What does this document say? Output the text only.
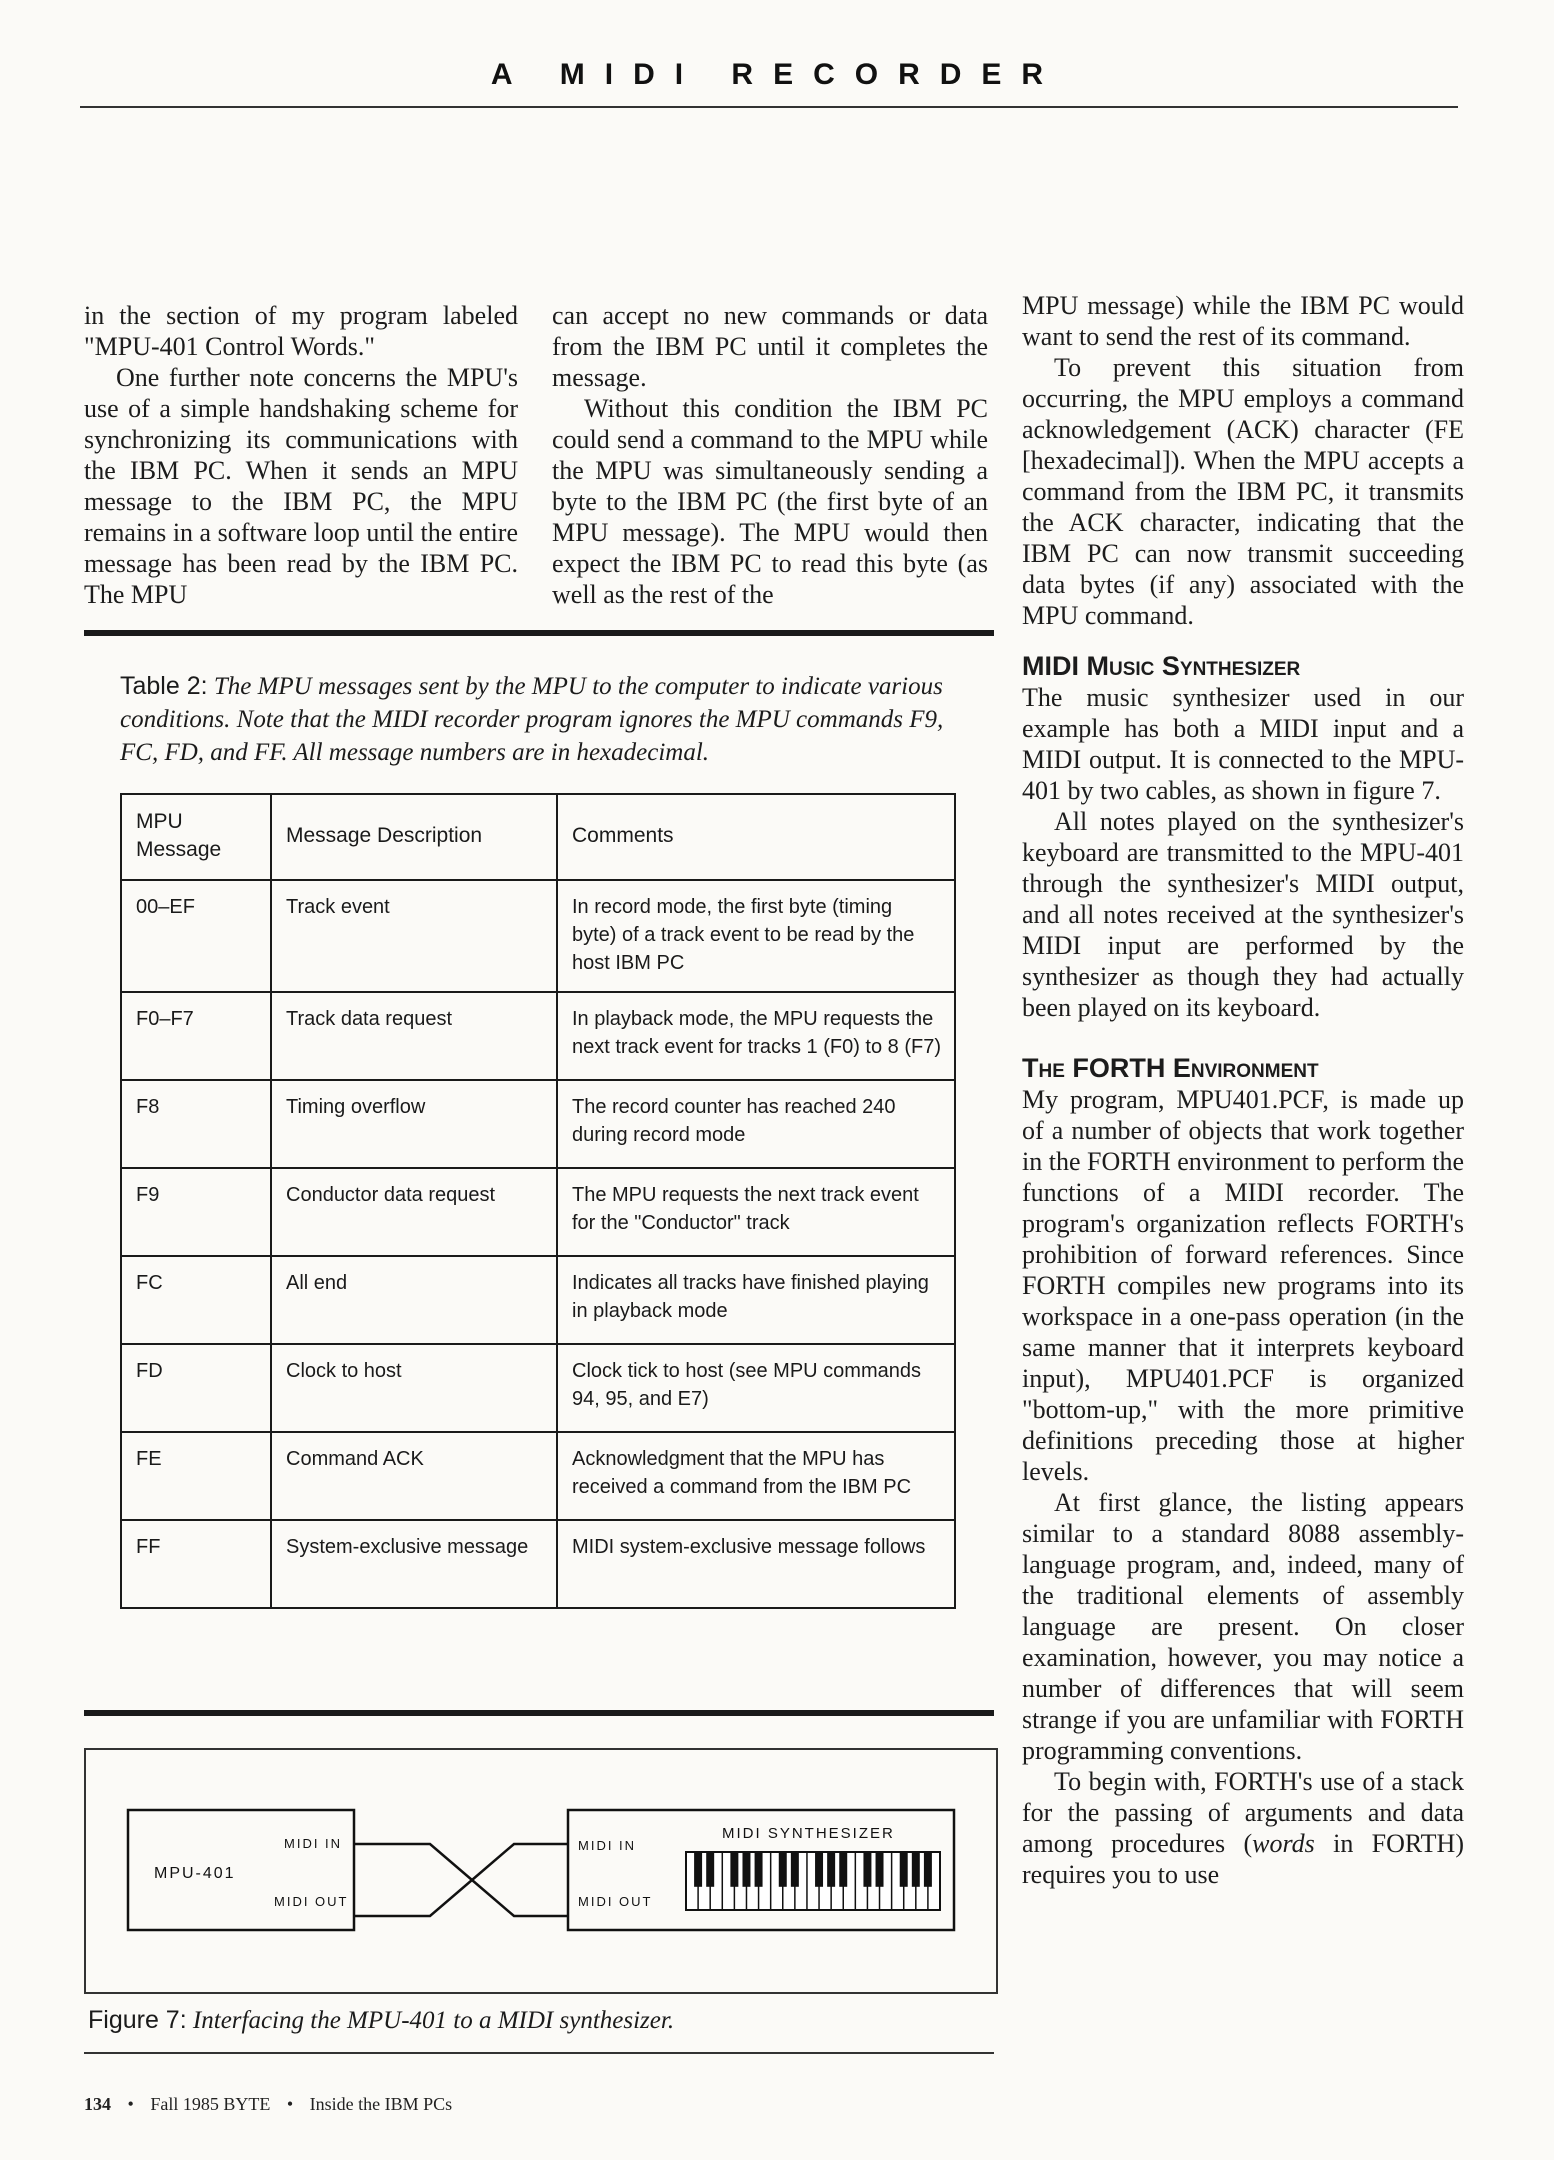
A MIDI RECORDER

in the section of my program labeled "MPU-401 Control Words."

One further note concerns the MPU's use of a simple handshaking scheme for synchronizing its communications with the IBM PC. When it sends an MPU message to the IBM PC, the MPU remains in a software loop until the entire message has been read by the IBM PC. The MPU

can accept no new commands or data from the IBM PC until it completes the message.

Without this condition the IBM PC could send a command to the MPU while the MPU was simultaneously sending a byte to the IBM PC (the first byte of an MPU message). The MPU would then expect the IBM PC to read this byte (as well as the rest of the

MPU message) while the IBM PC would want to send the rest of its command.

To prevent this situation from occurring, the MPU employs a command acknowledgement (ACK) character (FE [hexadecimal]). When the MPU accepts a command from the IBM PC, it transmits the ACK character, indicating that the IBM PC can now transmit succeeding data bytes (if any) associated with the MPU command.

MIDI Music Synthesizer

The music synthesizer used in our example has both a MIDI input and a MIDI output. It is connected to the MPU-401 by two cables, as shown in figure 7.

All notes played on the synthesizer's keyboard are transmitted to the MPU-401 through the synthesizer's MIDI output, and all notes received at the synthesizer's MIDI input are performed by the synthesizer as though they had actually been played on its keyboard.

The FORTH Environment

My program, MPU401.PCF, is made up of a number of objects that work together in the FORTH environment to perform the functions of a MIDI recorder. The program's organization reflects FORTH's prohibition of forward references. Since FORTH compiles new programs into its workspace in a one-pass operation (in the same manner that it interprets keyboard input), MPU401.PCF is organized "bottom-up," with the more primitive definitions preceding those at higher levels.

At first glance, the listing appears similar to a standard 8088 assembly-language program, and, indeed, many of the traditional elements of assembly language are present. On closer examination, however, you may notice a number of differences that will seem strange if you are unfamiliar with FORTH programming conventions.

To begin with, FORTH's use of a stack for the passing of arguments and data among procedures (words in FORTH) requires you to use

Table 2: The MPU messages sent by the MPU to the computer to indicate various conditions. Note that the MIDI recorder program ignores the MPU commands F9, FC, FD, and FF. All message numbers are in hexadecimal.
MPU Message	Message Description	Comments
00–EF	Track event	In record mode, the first byte (timing byte) of a track event to be read by the host IBM PC
F0–F7	Track data request	In playback mode, the MPU requests the next track event for tracks 1 (F0) to 8 (F7)
F8	Timing overflow	The record counter has reached 240 during record mode
F9	Conductor data request	The MPU requests the next track event for the "Conductor" track
FC	All end	Indicates all tracks have finished playing in playback mode
FD	Clock to host	Clock tick to host (see MPU commands 94, 95, and E7)
FE	Command ACK	Acknowledgment that the MPU has received a command from the IBM PC
FF	System-exclusive message	MIDI system-exclusive message follows
MPU-401
MIDI IN
MIDI OUT
MIDI SYNTHESIZER
MIDI IN
MIDI OUT
Figure 7: Interfacing the MPU-401 to a MIDI synthesizer.
134 • Fall 1985 BYTE • Inside the IBM PCs
